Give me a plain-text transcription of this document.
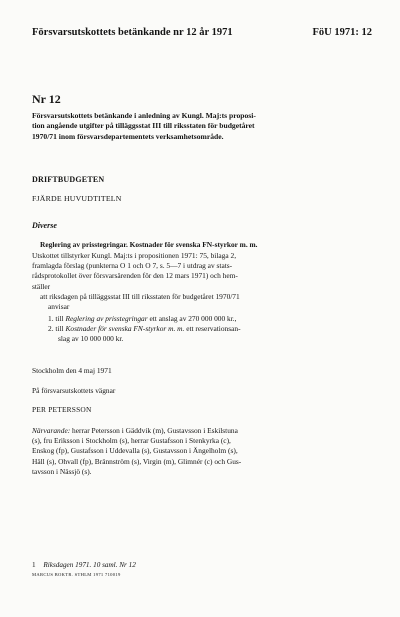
Försvarsutskottets betänkande nr 12 år 1971	FöU 1971: 12
Nr 12
Försvarsutskottets betänkande i anledning av Kungl. Maj:ts proposi-
tion angående utgifter på tilläggsstat III till riksstaten för budgetåret
1970/71 inom försvarsdepartementets verksamhetsområde.
DRIFTBUDGETEN
FJÄRDE HUVUDTITELN
Diverse
Reglering av prisstegringar. Kostnader för svenska FN-styrkor m. m.
Utskottet tillstyrker Kungl. Maj:ts i propositionen 1971: 75, bilaga 2,
framlagda förslag (punkterna O 1 och O 7, s. 5—7 i utdrag av stats-
rådsprotokollet över försvarsärenden för den 12 mars 1971) och hem-
ställer
att riksdagen på tilläggsstat III till riksstaten för budgetåret 1970/71
anvisar
1. till Reglering av prisstegringar ett anslag av 270 000 000 kr.,
2. till Kostnader för svenska FN-styrkor m. m. ett reservationsan-
slag av 10 000 000 kr.
Stockholm den 4 maj 1971
På försvarsutskottets vägnar
PER PETERSSON
Närvarande: herrar Petersson i Gäddvik (m), Gustavsson i Eskilstuna
(s), fru Eriksson i Stockholm (s), herrar Gustafsson i Stenkyrka (c),
Enskog (fp), Gustafsson i Uddevalla (s), Gustavsson i Ängelholm (s),
Häll (s), Ohvall (fp), Brännström (s), Virgin (m), Glimnér (c) och Gus-
tavsson i Nässjö (s).
1 Riksdagen 1971. 10 saml. Nr 12
MARCUS BOKTR. STHLM 1971 710019
